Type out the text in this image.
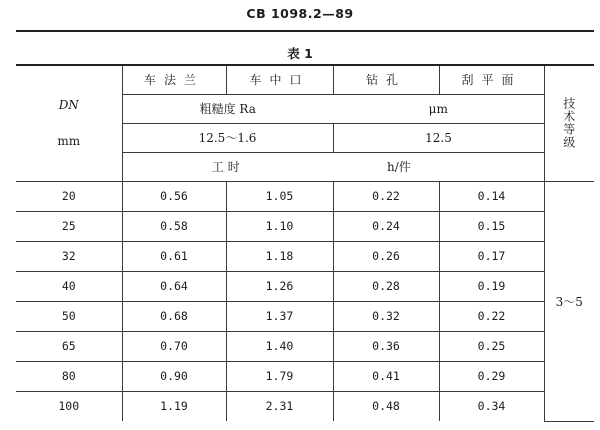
CB 1098.2—89
表 1
DN
mm	车法兰	车中口	钻孔	刮平面	技术等级

	粗糙度 Ra		μm		
	12.5～1.6		12.5		
	工时		h/件		
20	0.56	1.05	0.22	0.14	3～5
25	0.58	1.10	0.24	0.15	
32	0.61	1.18	0.26	0.17	
40	0.64	1.26	0.28	0.19	
50	0.68	1.37	0.32	0.22	
65	0.70	1.40	0.36	0.25	
80	0.90	1.79	0.41	0.29	
100	1.19	2.31	0.48	0.34	
